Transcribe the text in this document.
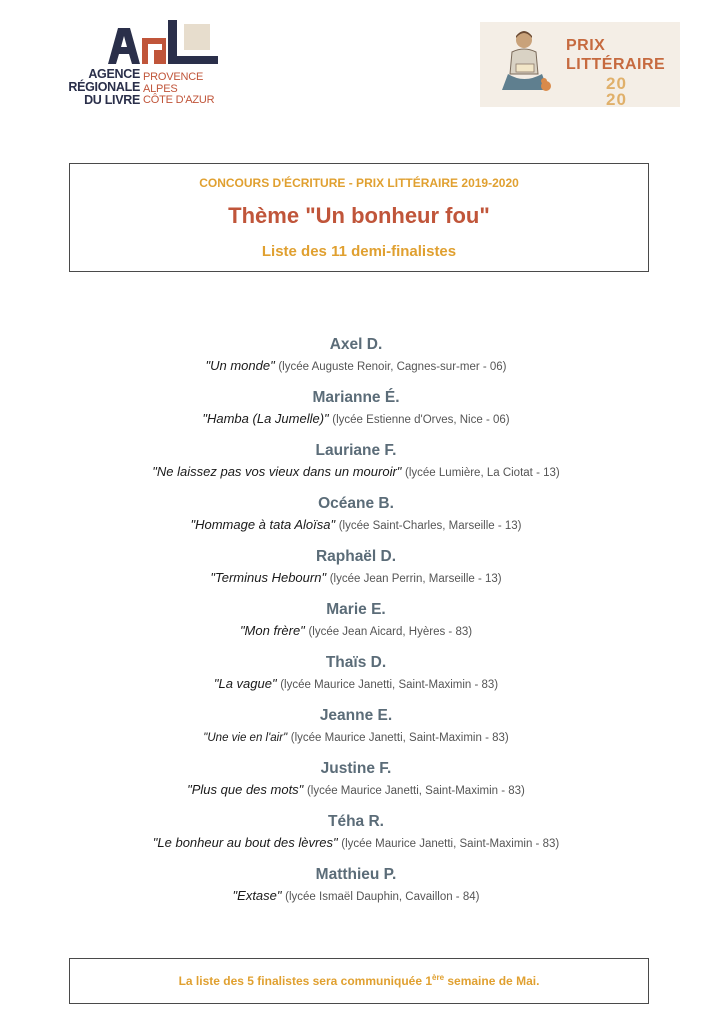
AGENCE
RÉGIONALE
DU LIVRE
PROVENCE
ALPES
CÔTE D'AZUR
PRIX
LITTÉRAIRE
20
20
CONCOURS D'ÉCRITURE - PRIX LITTÉRAIRE 2019-2020
Thème "Un bonheur fou"
Liste des 11 demi-finalistes
Axel D.
"Un monde" (lycée Auguste Renoir, Cagnes-sur-mer - 06)
Marianne É.
"Hamba (La Jumelle)" (lycée Estienne d'Orves, Nice - 06)
Lauriane F.
"Ne laissez pas vos vieux dans un mouroir" (lycée Lumière, La Ciotat - 13)
Océane B.
"Hommage à tata Aloïsa" (lycée Saint-Charles, Marseille - 13)
Raphaël D.
"Terminus Hebourn" (lycée Jean Perrin, Marseille - 13)
Marie E.
"Mon frère" (lycée Jean Aicard, Hyères - 83)
Thaïs D.
"La vague" (lycée Maurice Janetti, Saint-Maximin - 83)
Jeanne E.
"Une vie en l'air" (lycée Maurice Janetti, Saint-Maximin - 83)
Justine F.
"Plus que des mots" (lycée Maurice Janetti, Saint-Maximin - 83)
Téha R.
"Le bonheur au bout des lèvres" (lycée Maurice Janetti, Saint-Maximin - 83)
Matthieu P.
"Extase" (lycée Ismaël Dauphin, Cavaillon - 84)
La liste des 5 finalistes sera communiquée 1ère semaine de Mai.
